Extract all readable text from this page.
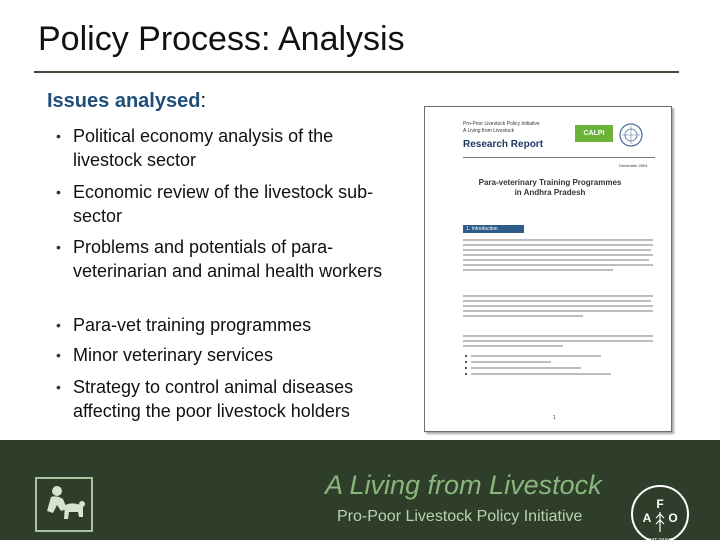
Policy Process: Analysis
Issues analysed:
• Political economy analysis of the livestock sector
• Economic review of the livestock sub-sector
• Problems and potentials of para-veterinarian and animal health workers
• Para-vet training programmes
• Minor veterinary services
• Strategy to control animal diseases affecting the poor livestock holders
Pro-Poor Livestock Policy Initiative
A Living from Livestock
Research Report
CALPI
December 2004
Para-veterinary Training Programmes
in Andhra Pradesh
1. Introduction
1
A Living from Livestock
Pro-Poor Livestock Policy Initiative
F
A O
FIAT PANIS
